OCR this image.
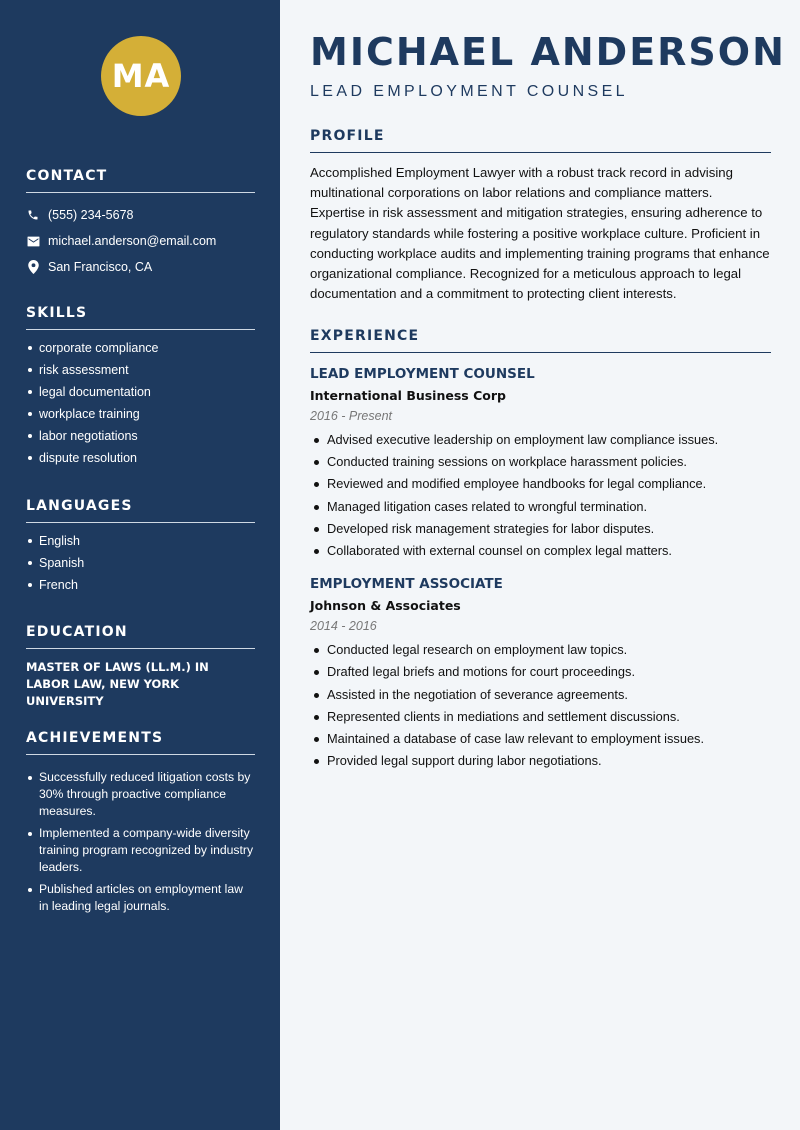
MA
CONTACT
(555) 234-5678
michael.anderson@email.com
San Francisco, CA
SKILLS
corporate compliance
risk assessment
legal documentation
workplace training
labor negotiations
dispute resolution
LANGUAGES
English
Spanish
French
EDUCATION
MASTER OF LAWS (LL.M.) IN LABOR LAW, NEW YORK UNIVERSITY
ACHIEVEMENTS
Successfully reduced litigation costs by 30% through proactive compliance measures.
Implemented a company-wide diversity training program recognized by industry leaders.
Published articles on employment law in leading legal journals.
MICHAEL ANDERSON
LEAD EMPLOYMENT COUNSEL
PROFILE

Accomplished Employment Lawyer with a robust track record in advising multinational corporations on labor relations and compliance matters. Expertise in risk assessment and mitigation strategies, ensuring adherence to regulatory standards while fostering a positive workplace culture. Proficient in conducting workplace audits and implementing training programs that enhance organizational compliance. Recognized for a meticulous approach to legal documentation and a commitment to protecting client interests.

EXPERIENCE
LEAD EMPLOYMENT COUNSEL
International Business Corp
2016 - Present
Advised executive leadership on employment law compliance issues.
Conducted training sessions on workplace harassment policies.
Reviewed and modified employee handbooks for legal compliance.
Managed litigation cases related to wrongful termination.
Developed risk management strategies for labor disputes.
Collaborated with external counsel on complex legal matters.
EMPLOYMENT ASSOCIATE
Johnson & Associates
2014 - 2016
Conducted legal research on employment law topics.
Drafted legal briefs and motions for court proceedings.
Assisted in the negotiation of severance agreements.
Represented clients in mediations and settlement discussions.
Maintained a database of case law relevant to employment issues.
Provided legal support during labor negotiations.
